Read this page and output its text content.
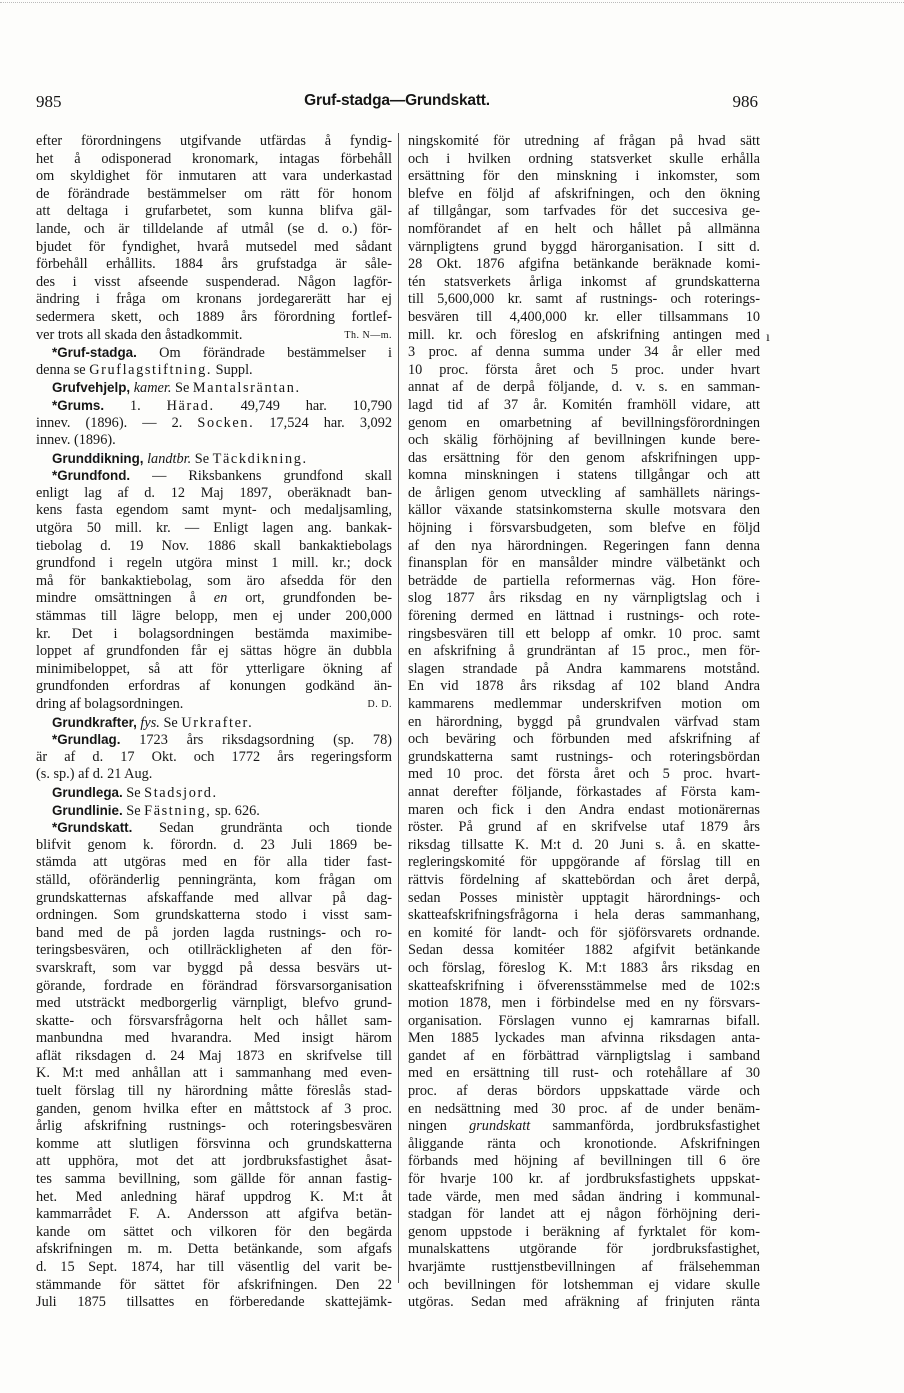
985	Gruf-stadga—Grundskatt.	986
efter förordningens utgifvande utfärdas å fyndig-
het å odisponerad kronomark, intagas förbehåll
om skyldighet för inmutaren att vara underkastad
de förändrade bestämmelser om rätt för honom
att deltaga i grufarbetet, som kunna blifva gäl-
lande, och är tilldelande af utmål (se d. o.) för-
bjudet för fyndighet, hvarå mutsedel med sådant
förbehåll erhållits. 1884 års grufstadga är såle-
des i visst afseende suspenderad. Någon lagför-
ändring i fråga om kronans jordegarerätt har ej
sedermera skett, och 1889 års förordning fortlef-
ver trots all skada den åstadkommit.	Th. N—m.
*Gruf-stadga. Om förändrade bestämmelser i
denna se Gruflagstiftning. Suppl.
Grufvehjelp, kamer. Se Mantalsräntan.
*Grums. 1. Härad. 49,749 har. 10,790
innev. (1896). — 2. Socken. 17,524 har. 3,092
innev. (1896).
Grunddikning, landtbr. Se Täckdikning.
*Grundfond. — Riksbankens grundfond skall
enligt lag af d. 12 Maj 1897, oberäknadt ban-
kens fasta egendom samt mynt- och medaljsamling,
utgöra 50 mill. kr. — Enligt lagen ang. bankak-
tiebolag d. 19 Nov. 1886 skall bankaktiebolags
grundfond i regeln utgöra minst 1 mill. kr.; dock
må för bankaktiebolag, som äro afsedda för den
mindre omsättningen å en ort, grundfonden be-
stämmas till lägre belopp, men ej under 200,000
kr. Det i bolagsordningen bestämda maximibe-
loppet af grundfonden får ej sättas högre än dubbla
minimibeloppet, så att för ytterligare ökning af
grundfonden erfordras af konungen godkänd än-
dring af bolagsordningen.	D. D.
Grundkrafter, fys. Se Urkrafter.
*Grundlag. 1723 års riksdagsordning (sp. 78)
är af d. 17 Okt. och 1772 års regeringsform
(s. sp.) af d. 21 Aug.
Grundlega. Se Stadsjord.
Grundlinie. Se Fästning, sp. 626.
*Grundskatt. Sedan grundränta och tionde
blifvit genom k. förordn. d. 23 Juli 1869 be-
stämda att utgöras med en för alla tider fast-
ställd, oföränderlig penningränta, kom frågan om
grundskatternas afskaffande med allvar på dag-
ordningen. Som grundskatterna stodo i visst sam-
band med de på jorden lagda rustnings- och ro-
teringsbesvären, och otillräckligheten af den för-
svarskraft, som var byggd på dessa besvärs ut-
görande, fordrade en förändrad försvarsorganisation
med utsträckt medborgerlig värnpligt, blefvo grund-
skatte- och försvarsfrågorna helt och hållet sam-
manbundna med hvarandra. Med insigt härom
aflät riksdagen d. 24 Maj 1873 en skrifvelse till
K. M:t med anhållan att i sammanhang med even-
tuelt förslag till ny härordning måtte föreslås stad-
ganden, genom hvilka efter en måttstock af 3 proc.
årlig afskrifning rustnings- och roteringsbesvären
komme att slutligen försvinna och grundskatterna
att upphöra, mot det att jordbruksfastighet åsat-
tes samma bevillning, som gällde för annan fastig-
het. Med anledning häraf uppdrog K. M:t åt
kammarrådet F. A. Andersson att afgifva betän-
kande om sättet och vilkoren för den begärda
afskrifningen m. m. Detta betänkande, som afgafs
d. 15 Sept. 1874, har till väsentlig del varit be-
stämmande för sättet för afskrifningen. Den 22
Juli 1875 tillsattes en förberedande skattejämk-
ningskomité för utredning af frågan på hvad sätt
och i hvilken ordning statsverket skulle erhålla
ersättning för den minskning i inkomster, som
blefve en följd af afskrifningen, och den ökning
af tillgångar, som tarfvades för det succesiva ge-
nomförandet af en helt och hållet på allmänna
värnpligtens grund byggd härorganisation. I sitt d.
28 Okt. 1876 afgifna betänkande beräknade komi-
tén statsverkets årliga inkomst af grundskatterna
till 5,600,000 kr. samt af rustnings- och roterings-
besvären till 4,400,000 kr. eller tillsammans 10
mill. kr. och föreslog en afskrifning antingen med
3 proc. af denna summa under 34 år eller med
10 proc. första året och 5 proc. under hvart
annat af de derpå följande, d. v. s. en samman-
lagd tid af 37 år. Komitén framhöll vidare, att
genom en omarbetning af bevillningsförordningen
och skälig förhöjning af bevillningen kunde bere-
das ersättning för den genom afskrifningen upp-
komna minskningen i statens tillgångar och att
de årligen genom utveckling af samhällets närings-
källor växande statsinkomsterna skulle motsvara den
höjning i försvarsbudgeten, som blefve en följd
af den nya härordningen. Regeringen fann denna
finansplan för en mansålder mindre välbetänkt och
beträdde de partiella reformernas väg. Hon före-
slog 1877 års riksdag en ny värnpligtslag och i
förening dermed en lättnad i rustnings- och rote-
ringsbesvären till ett belopp af omkr. 10 proc. samt
en afskrifning å grundräntan af 15 proc., men för-
slagen strandade på Andra kammarens motstånd.
En vid 1878 års riksdag af 102 bland Andra
kammarens medlemmar underskrifven motion om
en härordning, byggd på grundvalen värfvad stam
och beväring och förbunden med afskrifning af
grundskatterna samt rustnings- och roteringsbördan
med 10 proc. det första året och 5 proc. hvart-
annat derefter följande, förkastades af Första kam-
maren och fick i den Andra endast motionärernas
röster. På grund af en skrifvelse utaf 1879 års
riksdag tillsatte K. M:t d. 20 Juni s. å. en skatte-
regleringskomité för uppgörande af förslag till en
rättvis fördelning af skattebördan och året derpå,
sedan Posses ministèr upptagit härordnings- och
skatteafskrifningsfrågorna i hela deras sammanhang,
en komité för landt- och för sjöförsvarets ordnande.
Sedan dessa komitéer 1882 afgifvit betänkande
och förslag, föreslog K. M:t 1883 års riksdag en
skatteafskrifning i öfverensstämmelse med de 102:s
motion 1878, men i förbindelse med en ny försvars-
organisation. Förslagen vunno ej kamrarnas bifall.
Men 1885 lyckades man afvinna riksdagen anta-
gandet af en förbättrad värnpligtslag i samband
med en ersättning till rust- och rotehållare af 30
proc. af deras bördors uppskattade värde och
en nedsättning med 30 proc. af de under benäm-
ningen grundskatt sammanförda, jordbruksfastighet
åliggande ränta och kronotionde. Afskrifningen
förbands med höjning af bevillningen till 6 öre
för hvarje 100 kr. af jordbruksfastighets uppskat-
tade värde, men med sådan ändring i kommunal-
stadgan för landet att ej någon förhöjning deri-
genom uppstode i beräkning af fyrktalet för kom-
munalskattens utgörande för jordbruksfastighet,
hvarjämte rusttjenstbevillningen af frälsehemman
och bevillningen för lotshemman ej vidare skulle
utgöras. Sedan med afräkning af frinjuten ränta
ı
